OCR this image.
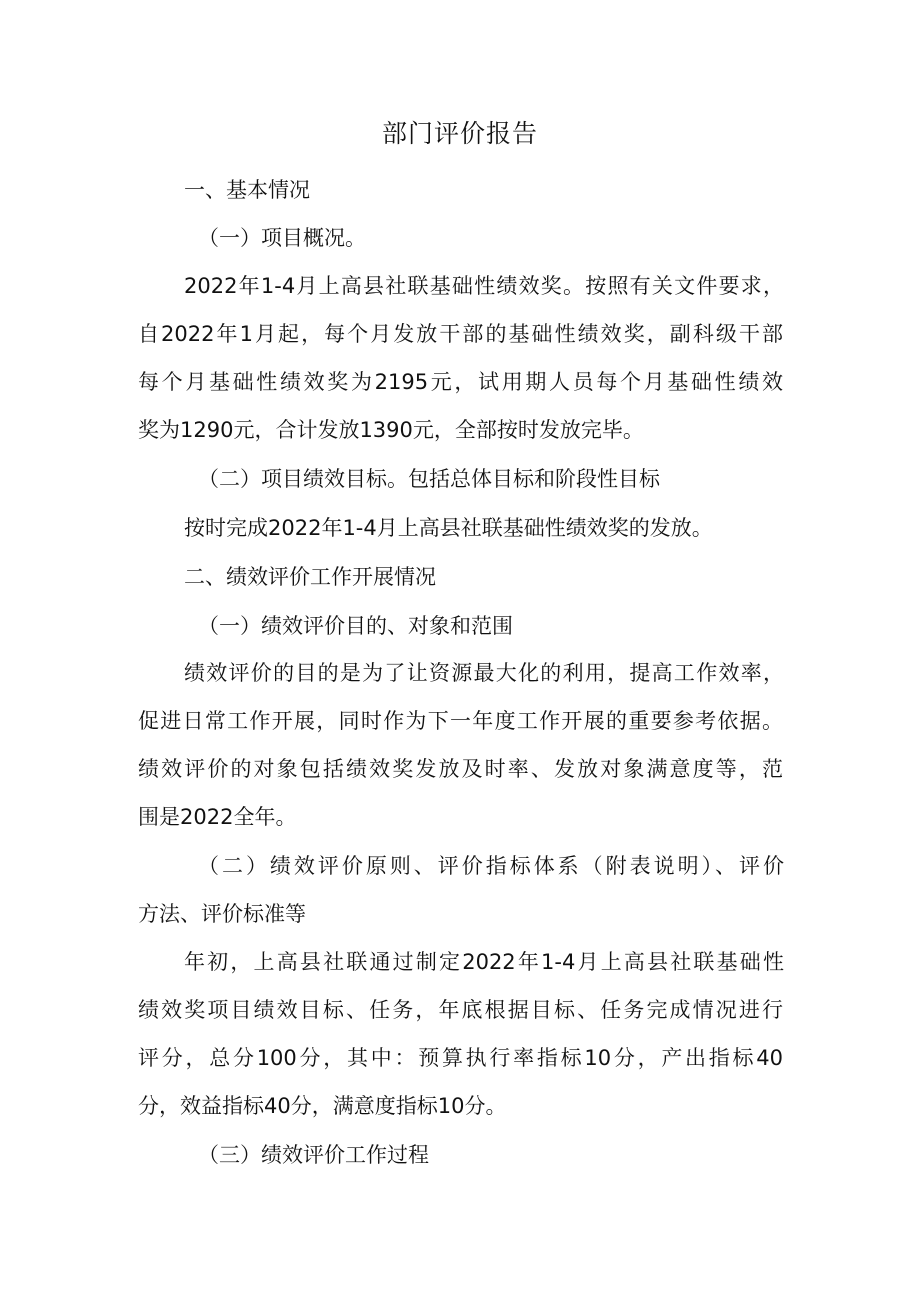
部门评价报告
一、基本情况
（一）项目概况。
2022年1-4月上高县社联基础性绩效奖。按照有关文件要求，
自2022年1月起，每个月发放干部的基础性绩效奖，副科级干部
每个月基础性绩效奖为2195元，试用期人员每个月基础性绩效
奖为1290元，合计发放1390元，全部按时发放完毕。
（二）项目绩效目标。包括总体目标和阶段性目标
按时完成2022年1-4月上高县社联基础性绩效奖的发放。
二、绩效评价工作开展情况
（一）绩效评价目的、对象和范围
绩效评价的目的是为了让资源最大化的利用，提高工作效率，
促进日常工作开展，同时作为下一年度工作开展的重要参考依据。
绩效评价的对象包括绩效奖发放及时率、发放对象满意度等，范
围是2022全年。
（二）绩效评价原则、评价指标体系（附表说明）、评价
方法、评价标准等
年初，上高县社联通过制定2022年1-4月上高县社联基础性
绩效奖项目绩效目标、任务，年底根据目标、任务完成情况进行
评分，总分100分，其中：预算执行率指标10分，产出指标40
分，效益指标40分，满意度指标10分。
（三）绩效评价工作过程
